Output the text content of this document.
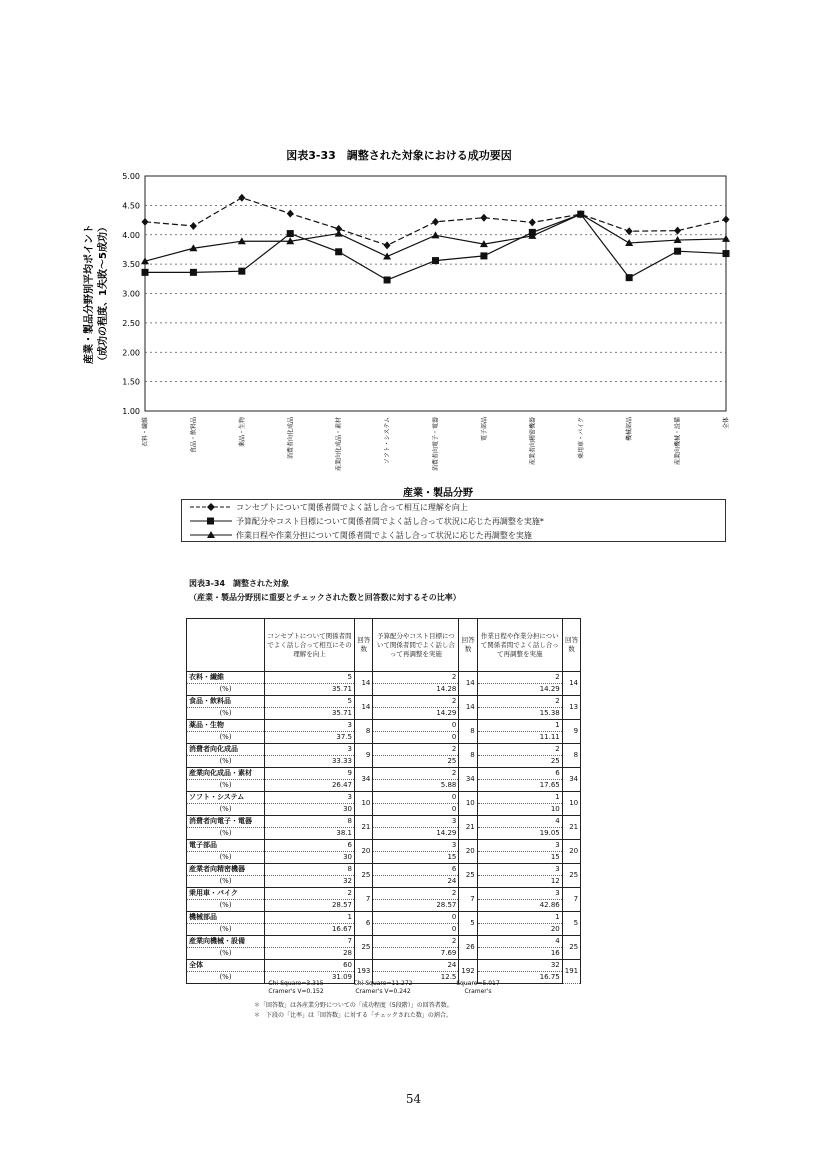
図表3-33　調整された対象における成功要因
1.00
1.50
2.00
2.50
3.00
3.50
4.00
4.50
5.00
衣料・繊維	食品・飲料品	薬品・生物	消費者向化成品	産業向化成品・素材	ソフト・システム	消費者向電子・電器	電子部品	産業者向精密機器	乗用車・バイク	機械部品	産業向機械・設備	全体
産業・製品分野別平均ポイント （成功の程度、1失敗～5成功）
産業・製品分野
コンセプトについて関係者間でよく話し合って相互に理解を向上
予算配分やコスト目標について関係者間でよく話し合って状況に応じた再調整を実施*
作業日程や作業分担について関係者間でよく話し合って状況に応じた再調整を実施
図表3-34　調整された対象
（産業・製品分野別に重要とチェックされた数と回答数に対するその比率）
	コンセプトについて関係者間でよく話し合って相互にその理解を向上	回答数	予算配分やコスト目標について関係者間でよく話し合って再調整を実施	回答数	作業日程や作業分担について関係者間でよく話し合って再調整を実施	回答数
衣料・繊維	5	14	2	14	2	14
(%)	35.71		14.28		14.29	
食品・飲料品	5	14	2	14	2	13
(%)	35.71		14.29		15.38	
薬品・生物	3	8	0	8	1	9
(%)	37.5		0		11.11	
消費者向化成品	3	9	2	8	2	8
(%)	33.33		25		25	
産業向化成品・素材	9	34	2	34	6	34
(%)	26.47		5.88		17.65	
ソフト・システム	3	10	0	10	1	10
(%)	30		0		10	
消費者向電子・電器	8	21	3	21	4	21
(%)	38.1		14.29		19.05	
電子部品	6	20	3	20	3	20
(%)	30		15		15	
産業者向精密機器	8	25	6	25	3	25
(%)	32		24		12	
乗用車・バイク	2	7	2	7	3	7
(%)	28.57		28.57		42.86	
機械部品	1	6	0	5	1	5
(%)	16.67		0		20	
産業向機械・設備	7	25	2	26	4	25
(%)	28		7.69		16	
全体	60	193	24	192	32	191
(%)	31.09		12.5		16.75	
Chi-Square=3.315
Cramer's V=0.152
Chi-Square=11.272
Cramer's V=0.242
Square=5.017
Cramer's
＊「回答数」は各産業分野についての「成功程度（5段階）」の回答者数。
＊　下段の「比率」は「回答数」に対する「チェックされた数」の割合。
54
